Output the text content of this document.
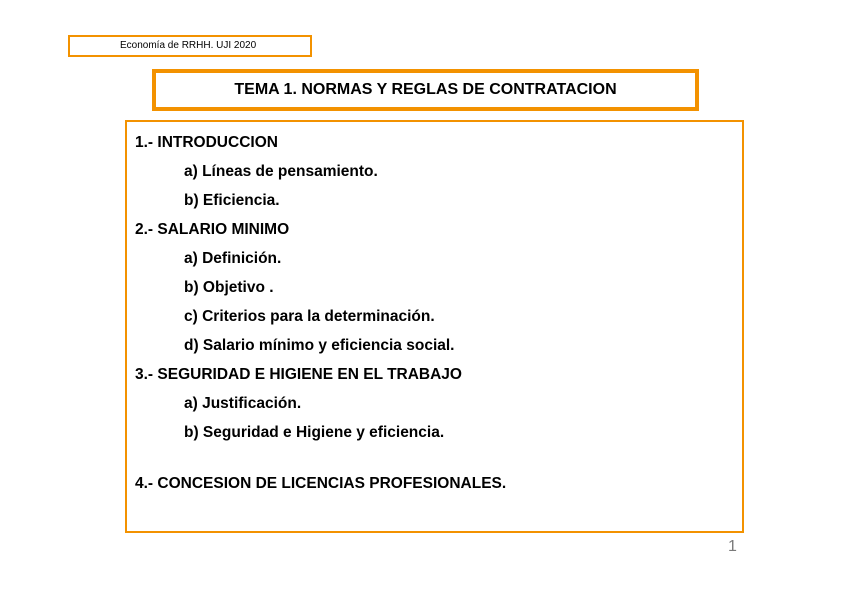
Economía de RRHH. UJI 2020
TEMA 1. NORMAS Y REGLAS DE CONTRATACION
1.- INTRODUCCION
a) Líneas de pensamiento.
b) Eficiencia.
2.- SALARIO MINIMO
a) Definición.
b) Objetivo .
c) Criterios para la determinación.
d) Salario mínimo y eficiencia social.
3.- SEGURIDAD E HIGIENE EN EL TRABAJO
a) Justificación.
b) Seguridad e Higiene y eficiencia.
4.- CONCESION DE LICENCIAS PROFESIONALES.
1
